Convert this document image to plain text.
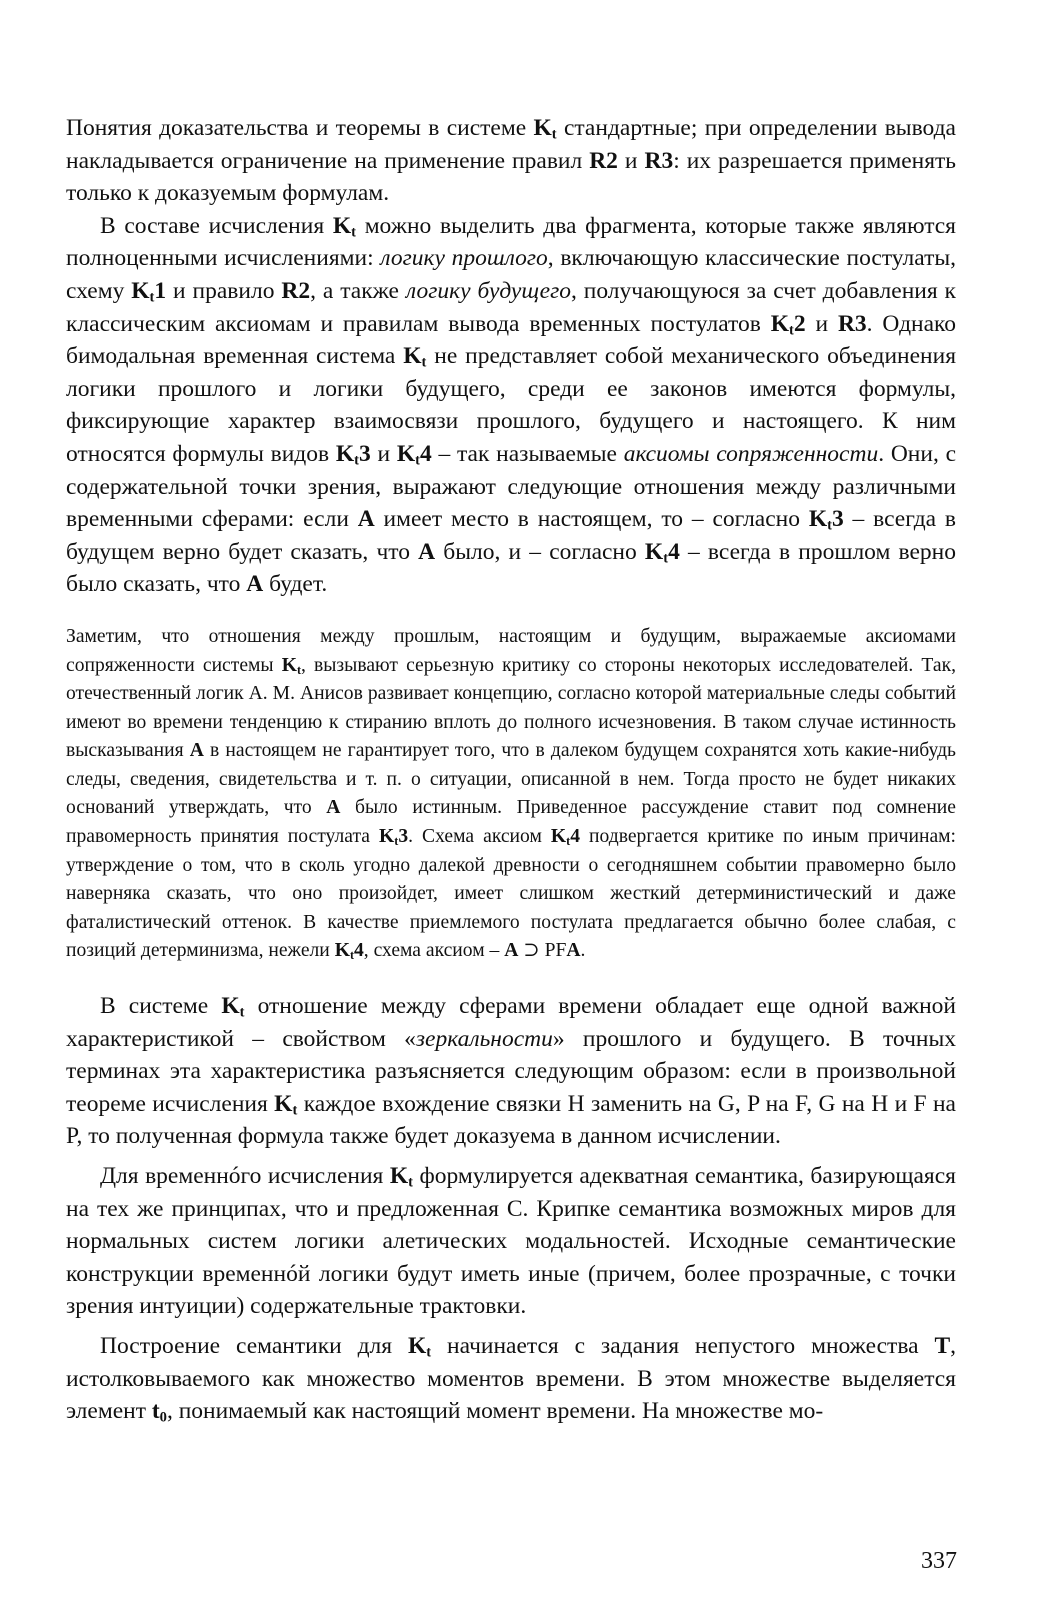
Понятия доказательства и теоремы в системе $K_t$ стандартные; при определении вывода накладывается ограничение на применение правил R2 и R3: их разрешается применять только к доказуемым формулам.

В составе исчисления $K_t$ можно выделить два фрагмента, которые также являются полноценными исчислениями: логику прошлого, включающую классические постулаты, схему $K_t1$ и правило R2, а также логику будущего, получающуюся за счет добавления к классическим аксиомам и правилам вывода временных постулатов $K_t2$ и R3. Однако бимодальная временная система $K_t$ не представляет собой механического объединения логики прошлого и логики будущего, среди ее законов имеются формулы, фиксирующие характер взаимосвязи прошлого, будущего и настоящего. К ним относятся формулы видов $K_t3$ и $K_t4$ – так называемые аксиомы сопряженности. Они, с содержательной точки зрения, выражают следующие отношения между различными временными сферами: если A имеет место в настоящем, то – согласно $K_t3$ – всегда в будущем верно будет сказать, что A было, и – согласно $K_t4$ – всегда в прошлом верно было сказать, что A будет.

Заметим, что отношения между прошлым, настоящим и будущим, выражаемые аксиомами сопряженности системы $K_t$, вызывают серьезную критику со стороны некоторых исследователей. Так, отечественный логик А. М. Анисов развивает концепцию, согласно которой материальные следы событий имеют во времени тенденцию к стиранию вплоть до полного исчезновения. В таком случае истинность высказывания A в настоящем не гарантирует того, что в далеком будущем сохранятся хоть какие-нибудь следы, сведения, свидетельства и т. п. о ситуации, описанной в нем. Тогда просто не будет никаких оснований утверждать, что A было истинным. Приведенное рассуждение ставит под сомнение правомерность принятия постулата $K_t3$. Схема аксиом $K_t4$ подвергается критике по иным причинам: утверждение о том, что в сколь угодно далекой древности о сегодняшнем событии правомерно было наверняка сказать, что оно произойдет, имеет слишком жесткий детерминистический и даже фаталистический оттенок. В качестве приемлемого постулата предлагается обычно более слабая, с позиций детерминизма, нежели $K_t4$, схема аксиом – A ⊃ PFA.

В системе $K_t$ отношение между сферами времени обладает еще одной важной характеристикой – свойством «зеркальности» прошлого и будущего. В точных терминах эта характеристика разъясняется следующим образом: если в произвольной теореме исчисления $K_t$ каждое вхождение связки H заменить на G, P на F, G на H и F на P, то полученная формула также будет доказуема в данном исчислении.

Для временнóго исчисления $K_t$ формулируется адекватная семантика, базирующаяся на тех же принципах, что и предложенная С. Крипке семантика возможных миров для нормальных систем логики алетических модальностей. Исходные семантические конструкции временнóй логики будут иметь иные (причем, более прозрачные, с точки зрения интуиции) содержательные трактовки.

Построение семантики для $K_t$ начинается с задания непустого множества T, истолковываемого как множество моментов времени. В этом множестве выделяется элемент $t_0$, понимаемый как настоящий момент времени. На множестве мо-

337
